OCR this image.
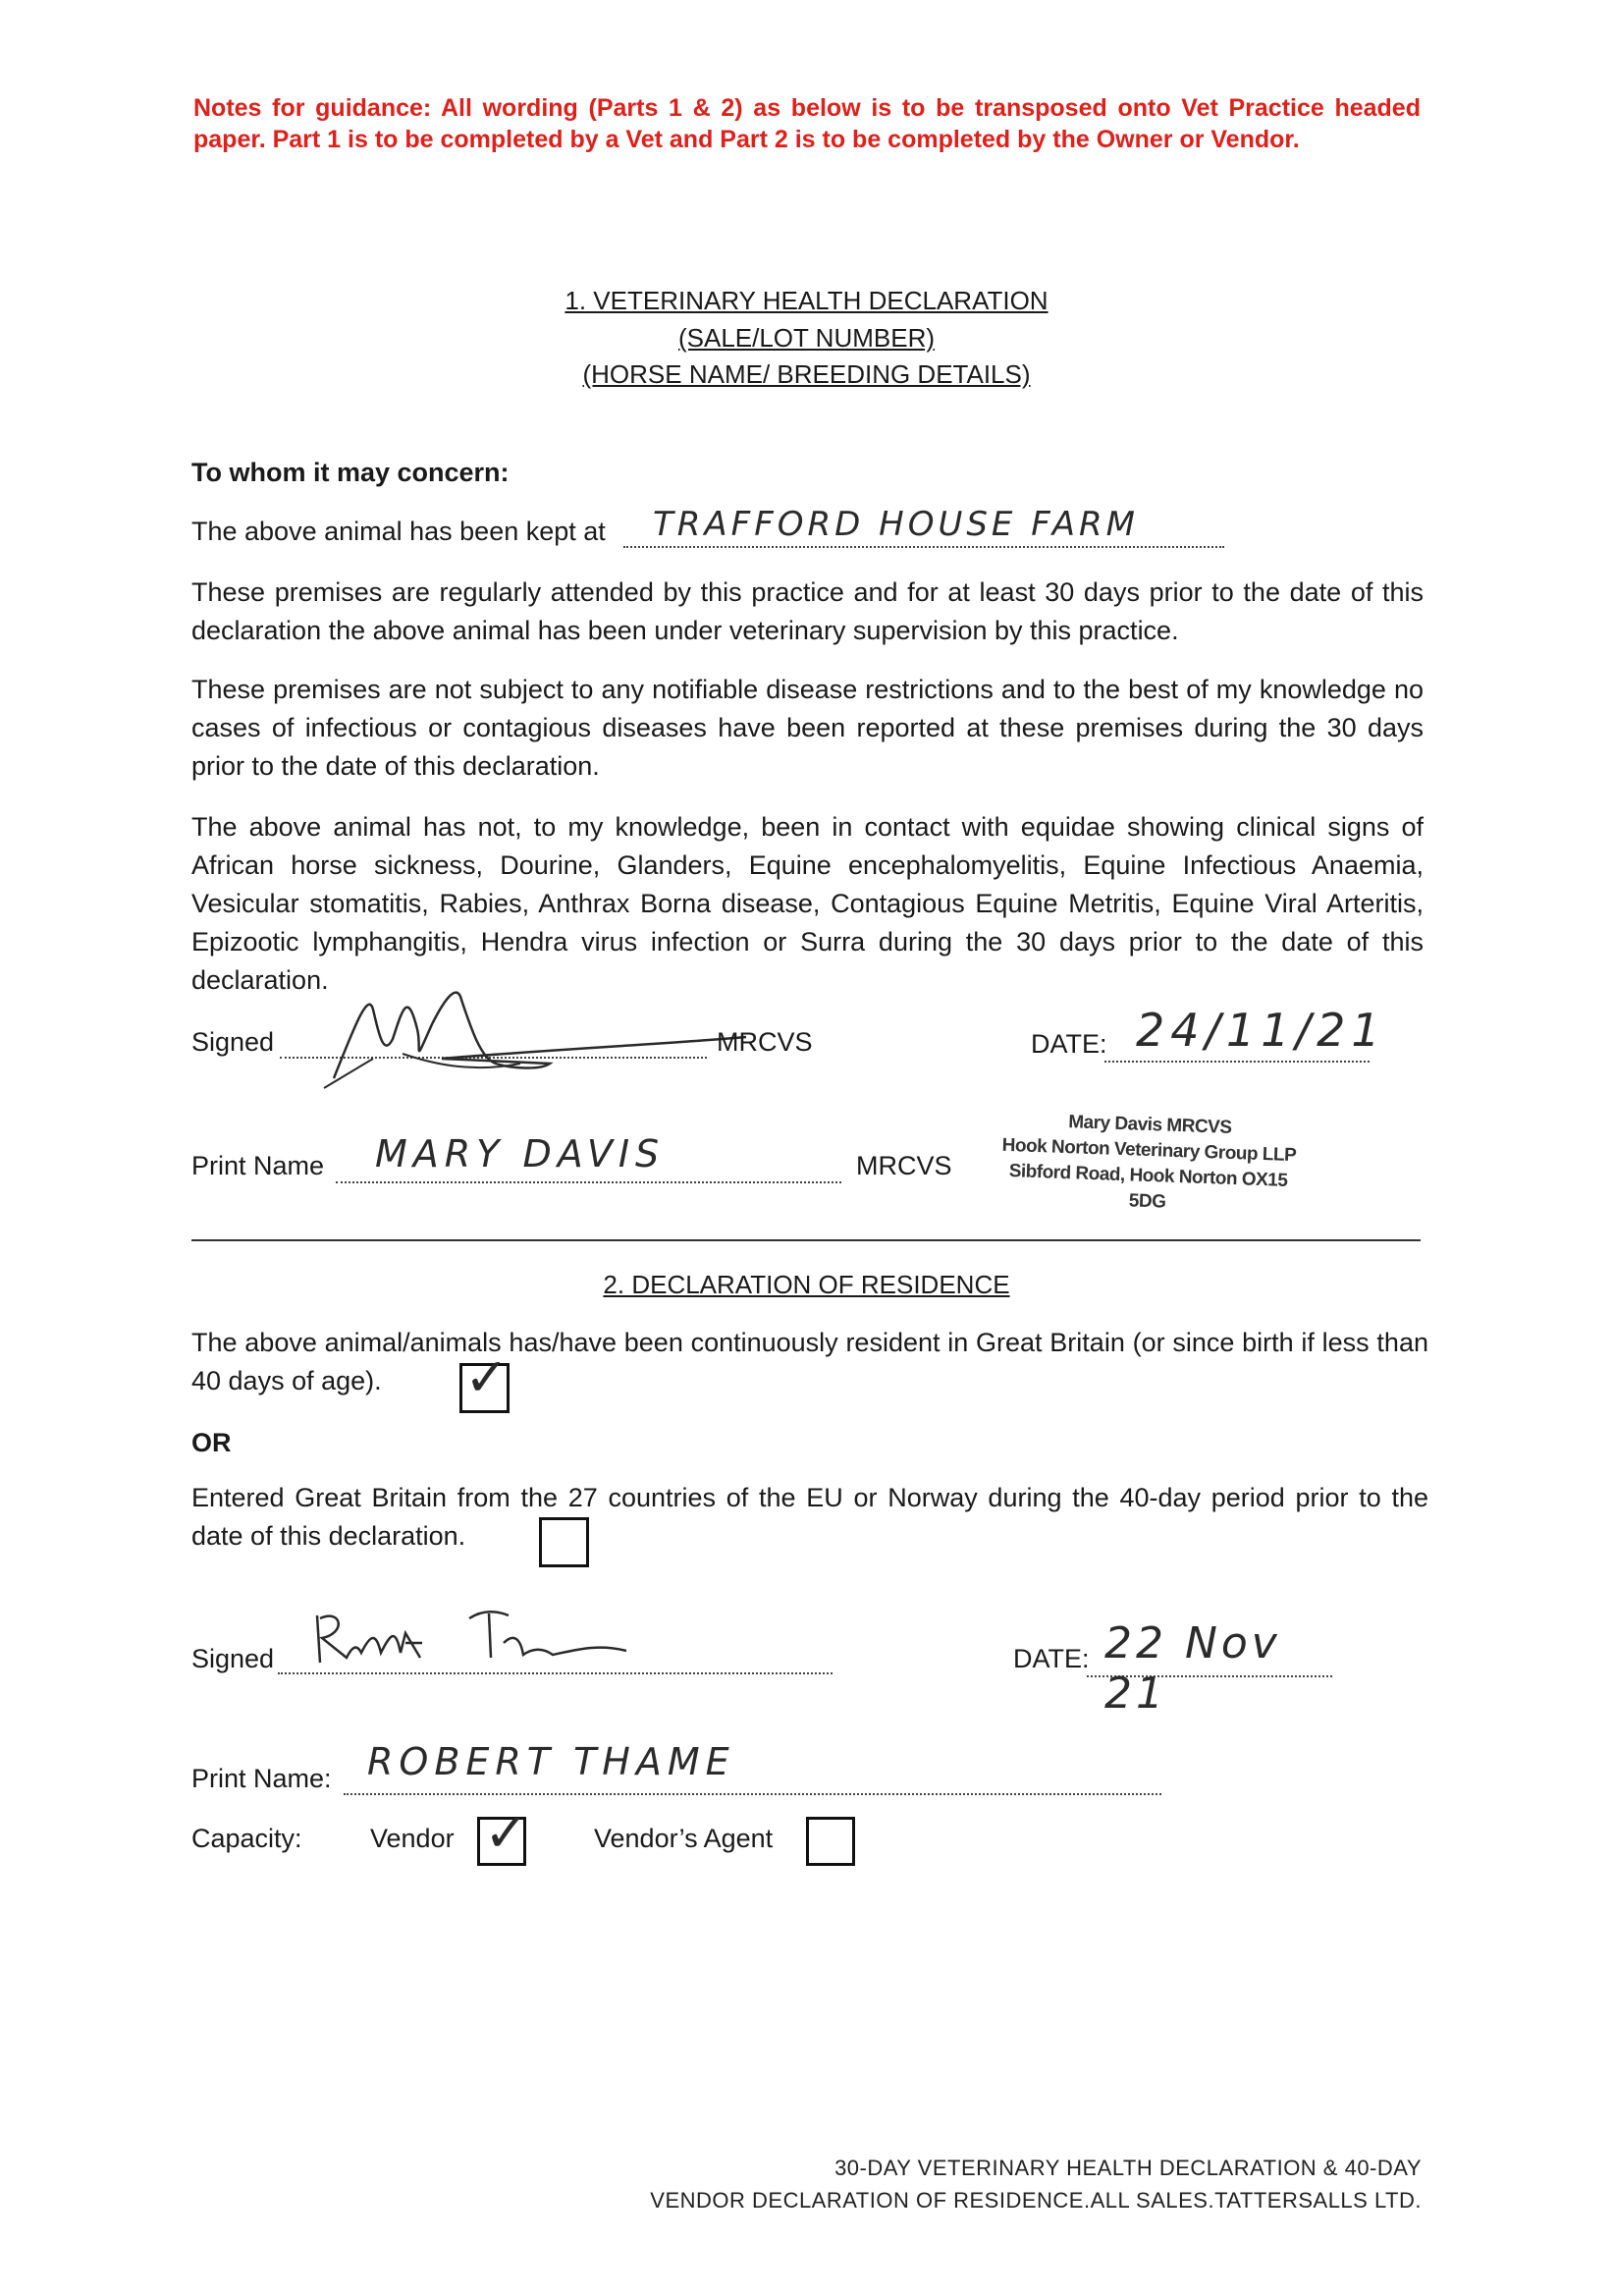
Notes for guidance: All wording (Parts 1 & 2) as below is to be transposed onto Vet Practice headed paper. Part 1 is to be completed by a Vet and Part 2 is to be completed by the Owner or Vendor.
1. VETERINARY HEALTH DECLARATION
(SALE/LOT NUMBER)
(HORSE NAME/ BREEDING DETAILS)
To whom it may concern:
The above animal has been kept at TRAFFORD HOUSE FARM
These premises are regularly attended by this practice and for at least 30 days prior to the date of this declaration the above animal has been under veterinary supervision by this practice.
These premises are not subject to any notifiable disease restrictions and to the best of my knowledge no cases of infectious or contagious diseases have been reported at these premises during the 30 days prior to the date of this declaration.
The above animal has not, to my knowledge, been in contact with equidae showing clinical signs of African horse sickness, Dourine, Glanders, Equine encephalomyelitis, Equine Infectious Anaemia, Vesicular stomatitis, Rabies, Anthrax Borna disease, Contagious Equine Metritis, Equine Viral Arteritis, Epizootic lymphangitis, Hendra virus infection or Surra during the 30 days prior to the date of this declaration.
Signed	MRCVS	DATE: 24/11/21
Print Name MARY DAVIS	MRCVS
Mary Davis MRCVS
Hook Norton Veterinary Group LLP
Sibford Road, Hook Norton OX15 5DG
2. DECLARATION OF RESIDENCE
The above animal/animals has/have been continuously resident in Great Britain (or since birth if less than 40 days of age).	✓
OR
Entered Great Britain from the 27 countries of the EU or Norway during the 40-day period prior to the date of this declaration.
Signed	DATE: 22 Nov 21
Print Name: ROBERT THAME
Capacity:	Vendor ✓ Vendor’s Agent
30-DAY VETERINARY HEALTH DECLARATION & 40-DAY
VENDOR DECLARATION OF RESIDENCE.ALL SALES.TATTERSALLS LTD.
